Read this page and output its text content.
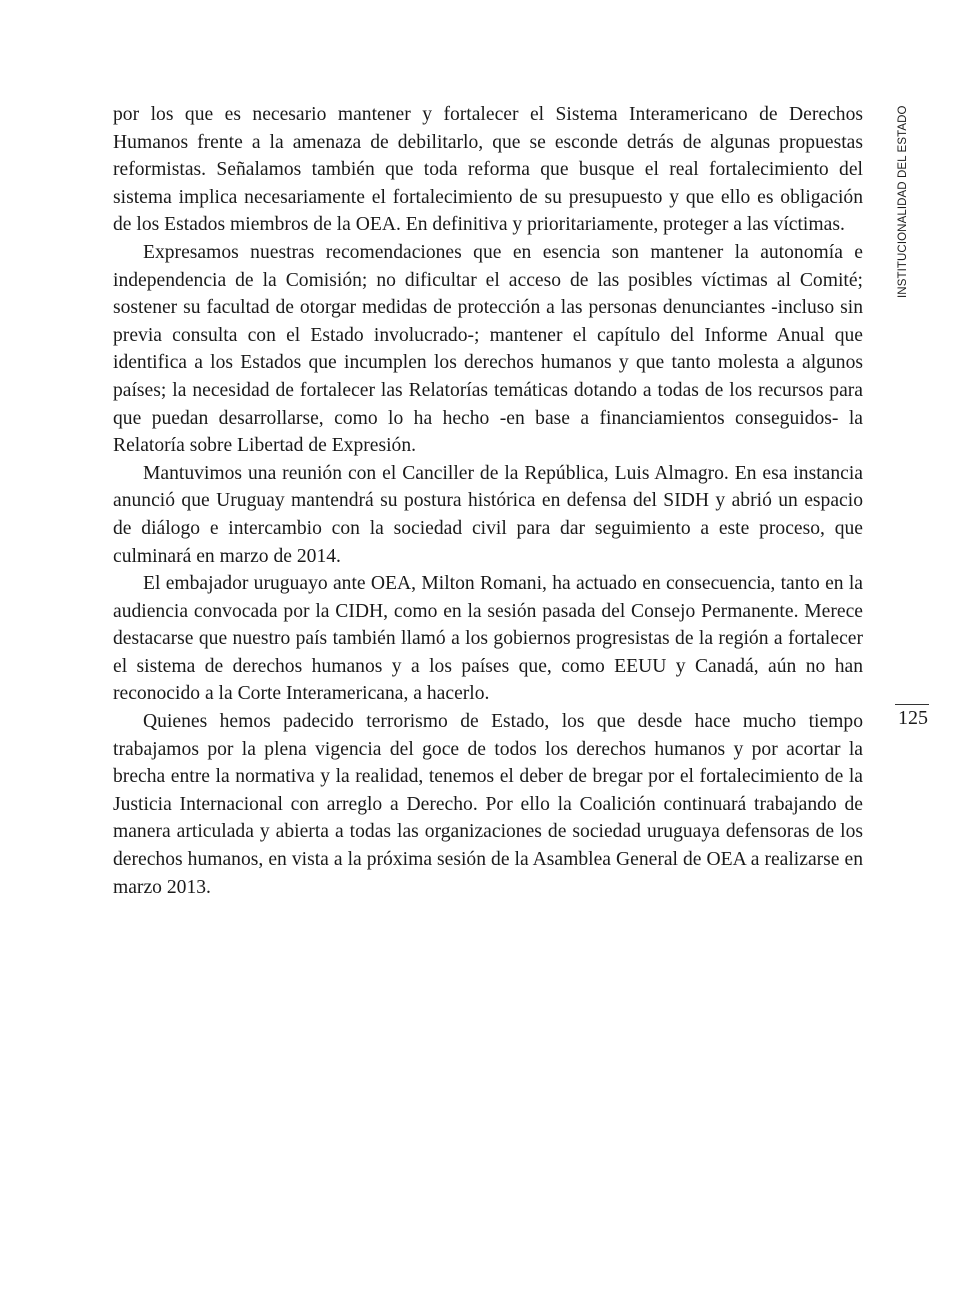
por los que es necesario mantener y fortalecer el Sistema Interamericano de Derechos Humanos frente a la amenaza de debilitarlo, que se esconde detrás de algunas propuestas reformistas. Señalamos también que toda reforma que busque el real fortalecimiento del sistema implica necesariamente el fortalecimiento de su presupuesto y que ello es obligación de los Estados miembros de la OEA. En definitiva y prioritariamente, proteger a las víctimas.

Expresamos nuestras recomendaciones que en esencia son mantener la autonomía e independencia de la Comisión; no dificultar el acceso de las posibles víctimas al Comité; sostener su facultad de otorgar medidas de protección a las personas denunciantes -incluso sin previa consulta con el Estado involucrado-; mantener el capítulo del Informe Anual que identifica a los Estados que incumplen los derechos humanos y que tanto molesta a algunos países; la necesidad de fortalecer las Relatorías temáticas dotando a todas de los recursos para que puedan desarrollarse, como lo ha hecho -en base a financiamientos conseguidos- la Relatoría sobre Libertad de Expresión.

Mantuvimos una reunión con el Canciller de la República, Luis Almagro. En esa instancia anunció que Uruguay mantendrá su postura histórica en defensa del SIDH y abrió un espacio de diálogo e intercambio con la sociedad civil para dar seguimiento a este proceso, que culminará en marzo de 2014.

El embajador uruguayo ante OEA, Milton Romani, ha actuado en consecuencia, tanto en la audiencia convocada por la CIDH, como en la sesión pasada del Consejo Permanente. Merece destacarse que nuestro país también llamó a los gobiernos progresistas de la región a fortalecer el sistema de derechos humanos y a los países que, como EEUU y Canadá, aún no han reconocido a la Corte Interamericana, a hacerlo.

Quienes hemos padecido terrorismo de Estado, los que desde hace mucho tiempo trabajamos por la plena vigencia del goce de todos los derechos humanos y por acortar la brecha entre la normativa y la realidad, tenemos el deber de bregar por el fortalecimiento de la Justicia Internacional con arreglo a Derecho. Por ello la Coalición continuará trabajando de manera articulada y abierta a todas las organizaciones de sociedad uruguaya defensoras de los derechos humanos, en vista a la próxima sesión de la Asamblea General de OEA a realizarse en marzo 2013.

INSTITUCIONALIDAD DEL ESTADO
125
